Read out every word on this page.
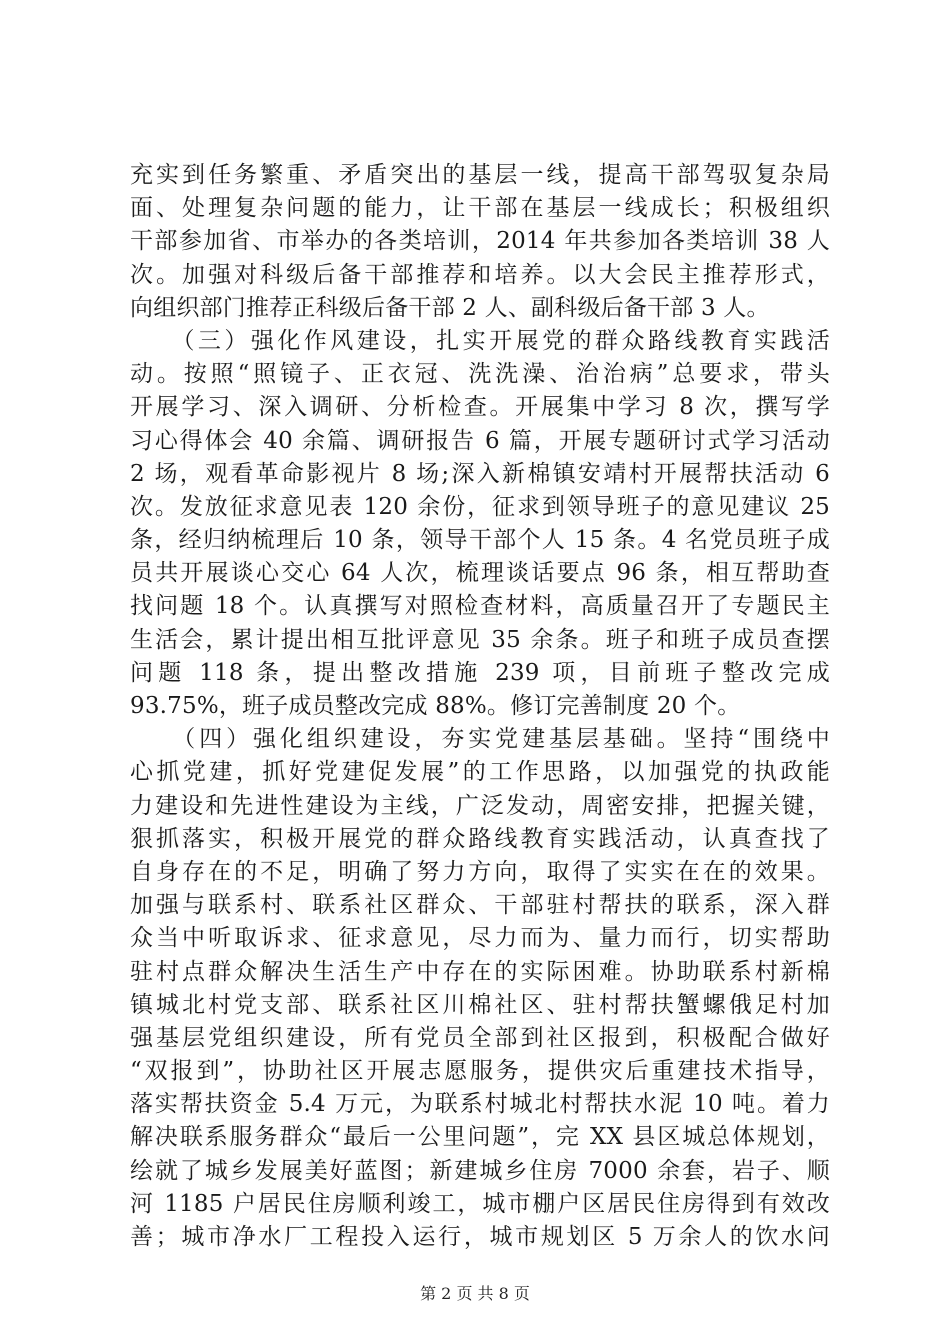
充实到任务繁重、矛盾突出的基层一线，提高干部驾驭复杂局
面、处理复杂问题的能力，让干部在基层一线成长；积极组织
干部参加省、市举办的各类培训，2014 年共参加各类培训 38 人
次。加强对科级后备干部推荐和培养。以大会民主推荐形式，
向组织部门推荐正科级后备干部 2 人、副科级后备干部 3 人。
　　（三）强化作风建设，扎实开展党的群众路线教育实践活
动。按照“照镜子、正衣冠、洗洗澡、治治病”总要求，带头
开展学习、深入调研、分析检查。开展集中学习 8 次，撰写学
习心得体会 40 余篇、调研报告 6 篇，开展专题研讨式学习活动
2 场，观看革命影视片 8 场;深入新棉镇安靖村开展帮扶活动 6
次。发放征求意见表 120 余份，征求到领导班子的意见建议 25
条，经归纳梳理后 10 条，领导干部个人 15 条。4 名党员班子成
员共开展谈心交心 64 人次，梳理谈话要点 96 条，相互帮助查
找问题 18 个。认真撰写对照检查材料，高质量召开了专题民主
生活会，累计提出相互批评意见 35 余条。班子和班子成员查摆
问题 118 条，提出整改措施 239 项，目前班子整改完成
93.75%，班子成员整改完成 88%。修订完善制度 20 个。
　　（四）强化组织建设，夯实党建基层基础。坚持“围绕中
心抓党建，抓好党建促发展”的工作思路，以加强党的执政能
力建设和先进性建设为主线，广泛发动，周密安排，把握关键，
狠抓落实，积极开展党的群众路线教育实践活动，认真查找了
自身存在的不足，明确了努力方向，取得了实实在在的效果。
加强与联系村、联系社区群众、干部驻村帮扶的联系，深入群
众当中听取诉求、征求意见，尽力而为、量力而行，切实帮助
驻村点群众解决生活生产中存在的实际困难。协助联系村新棉
镇城北村党支部、联系社区川棉社区、驻村帮扶蟹螺俄足村加
强基层党组织建设，所有党员全部到社区报到，积极配合做好
“双报到”，协助社区开展志愿服务，提供灾后重建技术指导，
落实帮扶资金 5.4 万元，为联系村城北村帮扶水泥 10 吨。着力
解决联系服务群众“最后一公里问题”，完 XX 县区城总体规划，
绘就了城乡发展美好蓝图；新建城乡住房 7000 余套，岩子、顺
河 1185 户居民住房顺利竣工，城市棚户区居民住房得到有效改
善；城市净水厂工程投入运行，城市规划区 5 万余人的饮水问
第 2 页 共 8 页
